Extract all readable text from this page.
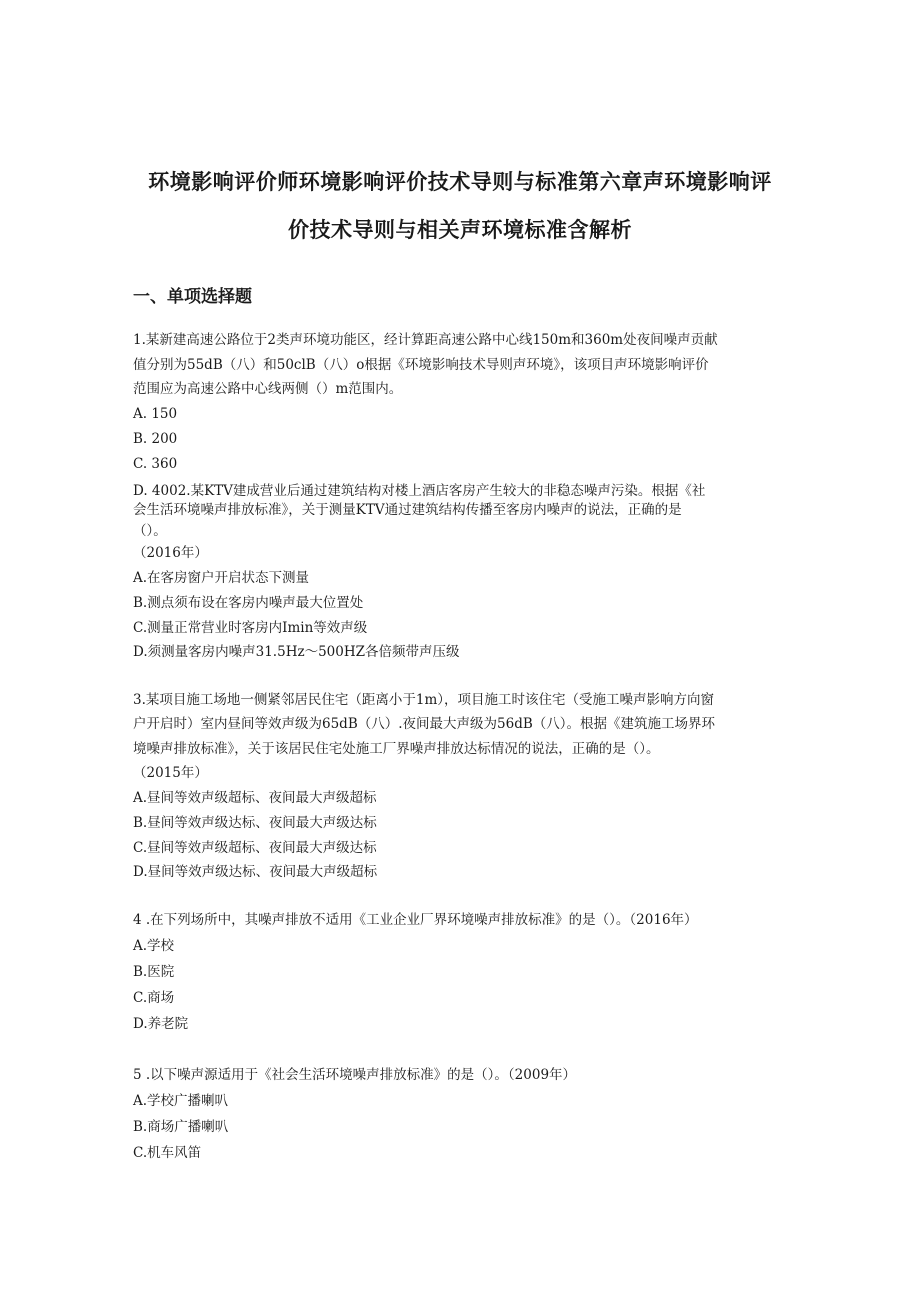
环境影响评价师环境影响评价技术导则与标准第六章声环境影响评
价技术导则与相关声环境标准含解析
一、单项选择题
1.某新建高速公路位于2类声环境功能区，经计算距高速公路中心线150m和360m处夜间噪声贡献
值分别为55dB（八）和50clB（八）o根据《环境影响技术导则声环境》，该项目声环境影响评价
范围应为高速公路中心线两侧（）m范围内。
A. 150
B. 200
C. 360
D. 4002.某KTV建成营业后通过建筑结构对楼上酒店客房产生较大的非稳态噪声污染。根据《社
会生活环境噪声排放标准》，关于测量KTV通过建筑结构传播至客房内噪声的说法，正确的是
（）。
（2016年）
A.在客房窗户开启状态下测量
B.测点须布设在客房内噪声最大位置处
C.测量正常营业时客房内Imin等效声级
D.须测量客房内噪声31.5Hz～500HZ各倍频带声压级
3.某项目施工场地一侧紧邻居民住宅（距离小于1m），项目施工时该住宅（受施工噪声影响方向窗
户开启时）室内昼间等效声级为65dB（八）.夜间最大声级为56dB（八）。根据《建筑施工场界环
境噪声排放标准》，关于该居民住宅处施工厂界噪声排放达标情况的说法，正确的是（）。
（2015年）
A.昼间等效声级超标、夜间最大声级超标
B.昼间等效声级达标、夜间最大声级达标
C.昼间等效声级超标、夜间最大声级达标
D.昼间等效声级达标、夜间最大声级超标
4 .在下列场所中，其噪声排放不适用《工业企业厂界环境噪声排放标准》的是（）。（2016年）
A.学校
B.医院
C.商场
D.养老院
5 .以下噪声源适用于《社会生活环境噪声排放标准》的是（）。（2009年）
A.学校广播喇叭
B.商场广播喇叭
C.机车风笛
